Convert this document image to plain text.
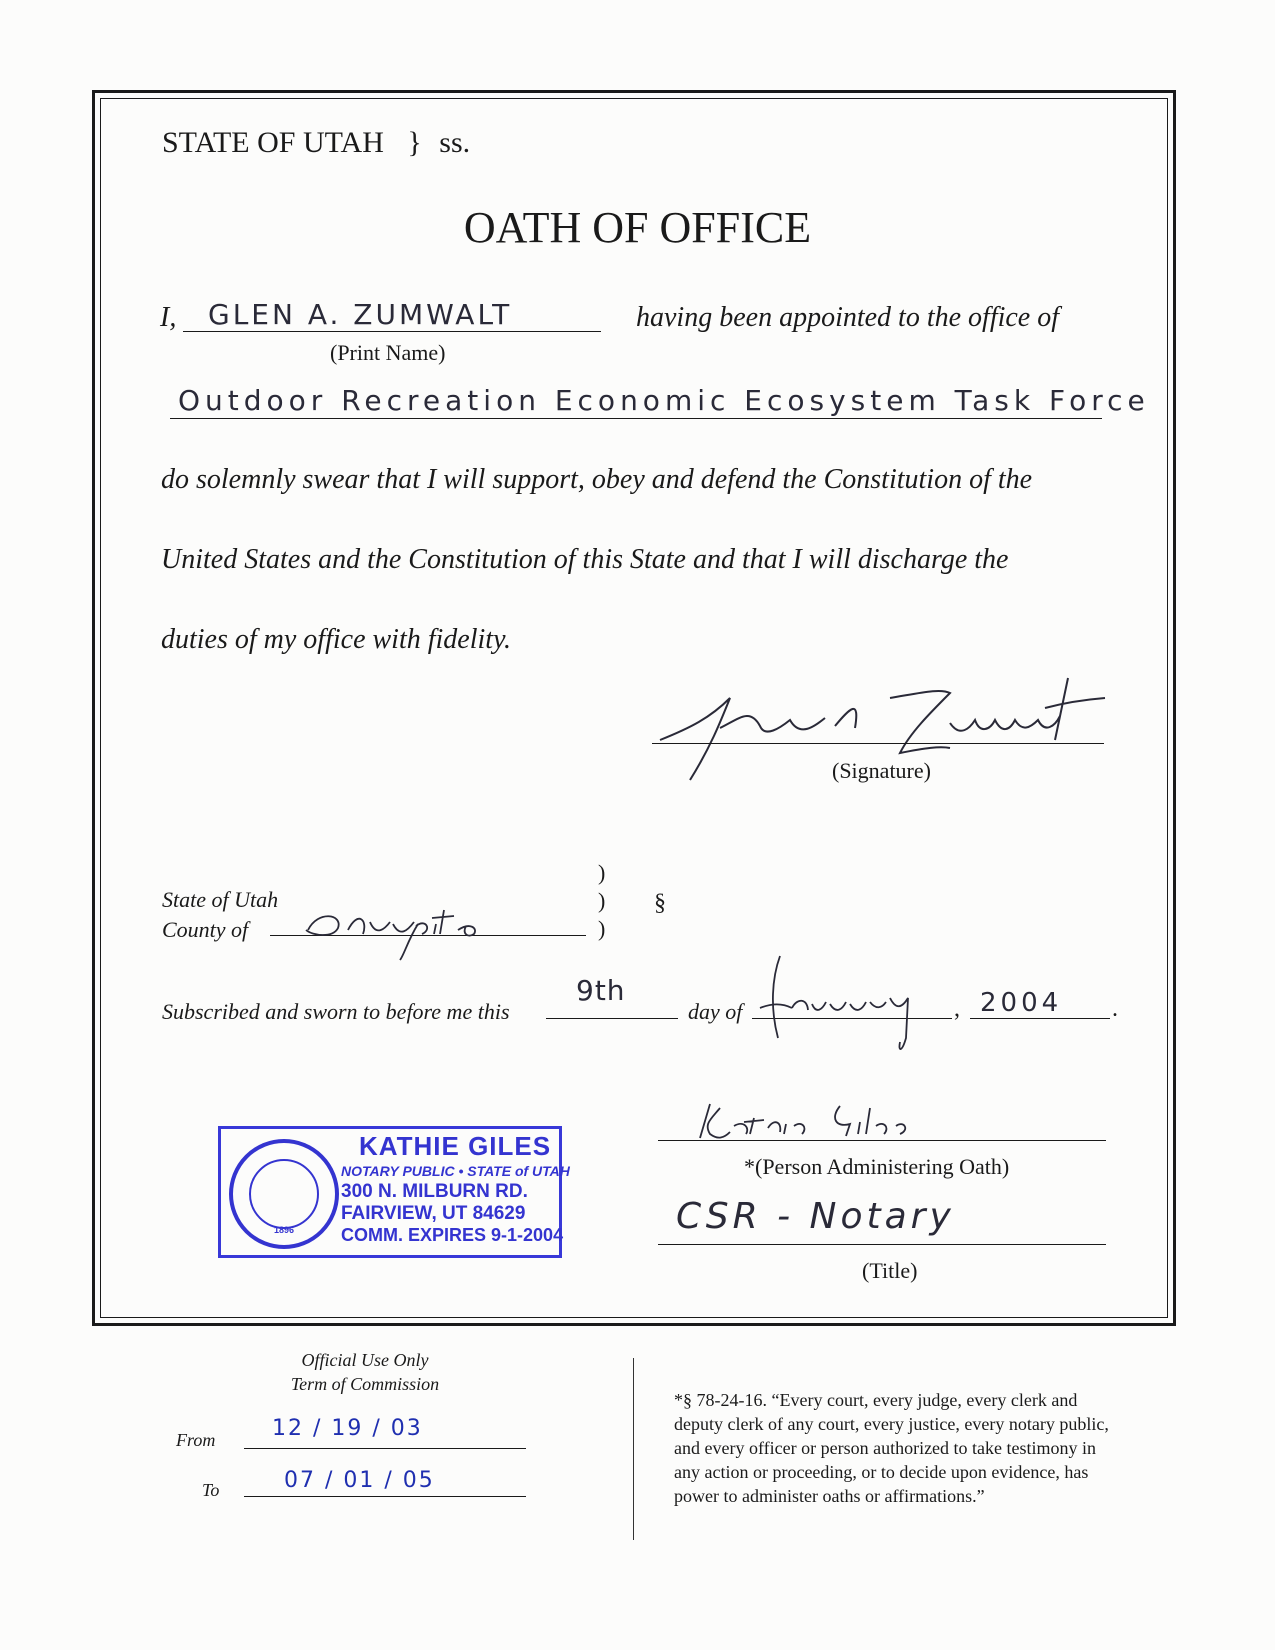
STATE OF UTAH } ss.
OATH OF OFFICE
I, GLEN A. ZUMWALT
(Print Name)
having been appointed to the office of
Outdoor Recreation Economic Ecosystem Task Force
do solemnly swear that I will support, obey and defend the Constitution of the
United States and the Constitution of this State and that I will discharge the
duties of my office with fidelity.
(Signature)
State of Utah
County of
)
)
)
§
Subscribed and sworn to before me this
9th
day of	, 2004 .
*(Person Administering Oath)
CSR - Notary
(Title)
1896
KATHIE GILES
NOTARY PUBLIC • STATE of UTAH
300 N. MILBURN RD.
FAIRVIEW, UT 84629
COMM. EXPIRES 9-1-2004
Official Use Only
Term of Commission
From	12 / 19 / 03
To	07 / 01 / 05
*§ 78-24-16. “Every court, every judge, every clerk and
deputy clerk of any court, every justice, every notary public,
and every officer or person authorized to take testimony in
any action or proceeding, or to decide upon evidence, has
power to administer oaths or affirmations.”
